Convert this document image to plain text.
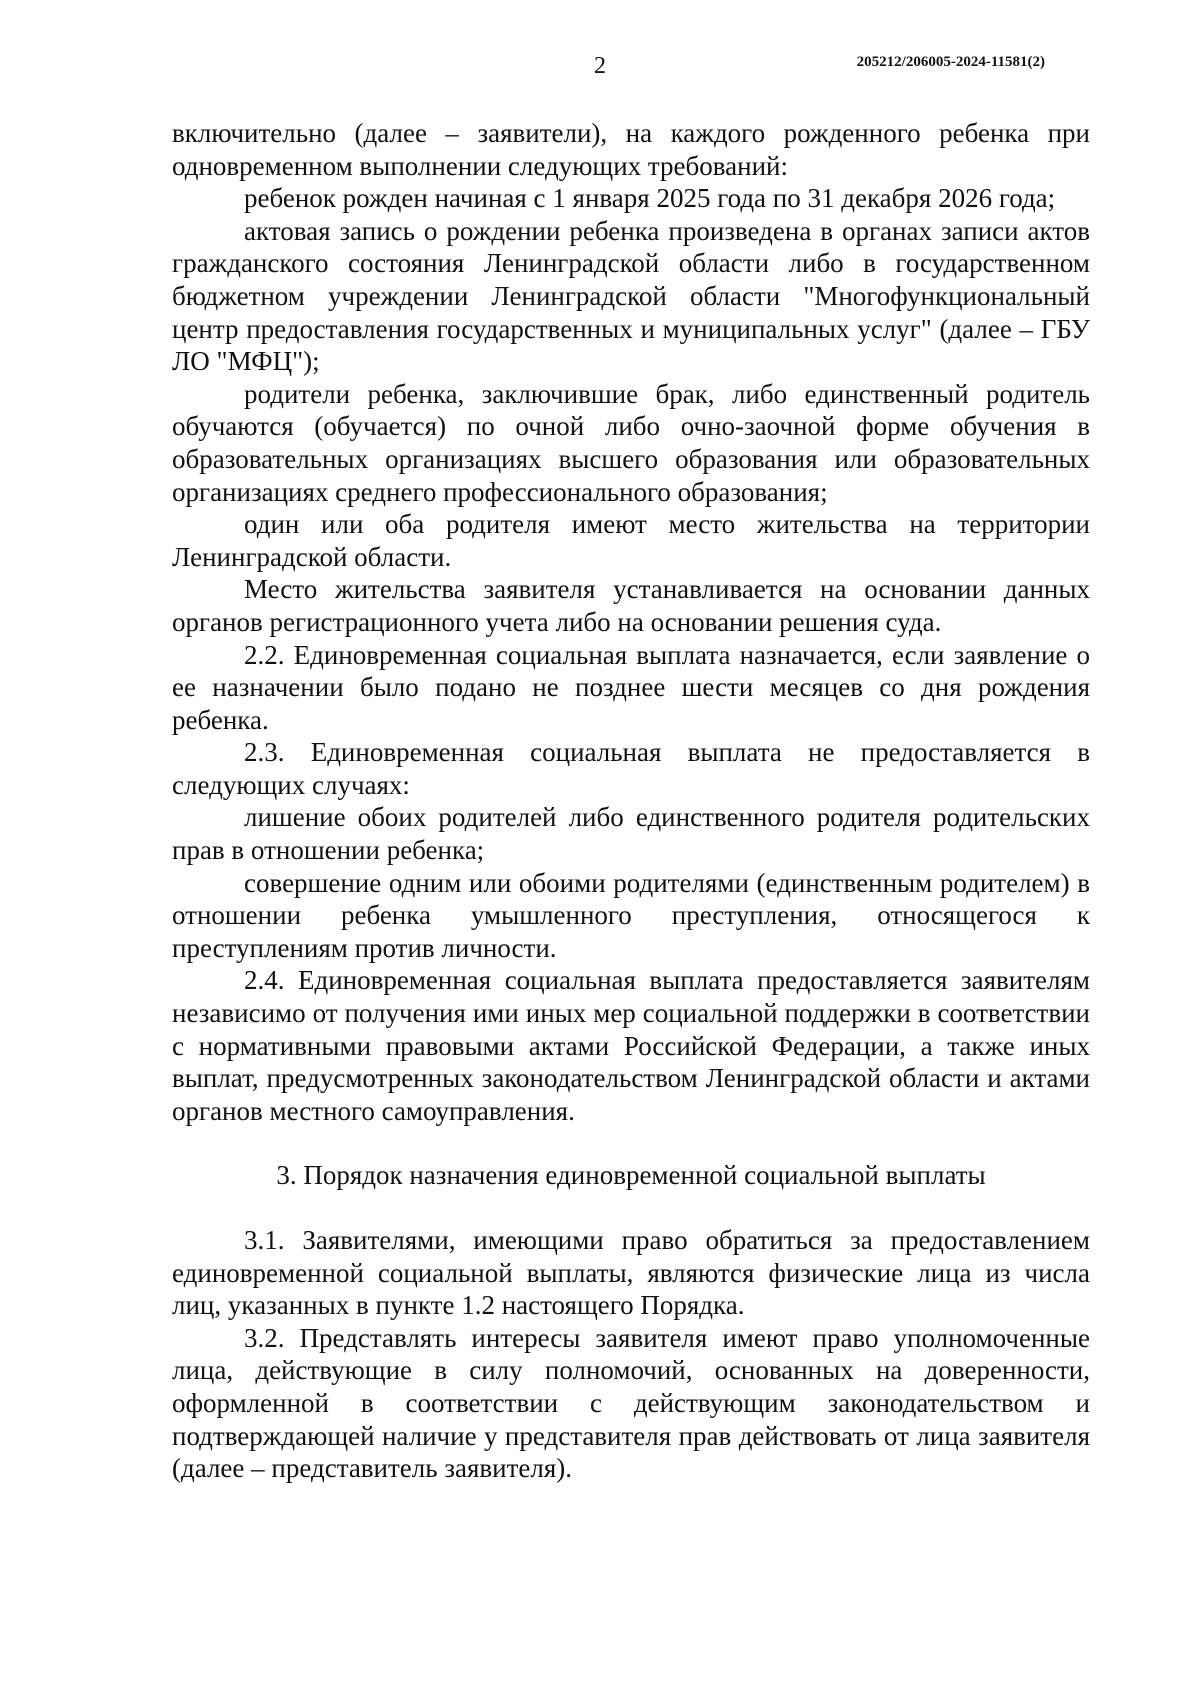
2	205212/206005-2024-11581(2)

включительно (далее – заявители), на каждого рожденного ребенка при одновременном выполнении следующих требований:

ребенок рожден начиная с 1 января 2025 года по 31 декабря 2026 года;

актовая запись о рождении ребенка произведена в органах записи актов гражданского состояния Ленинградской области либо в государственном бюджетном учреждении Ленинградской области "Многофункциональный центр предоставления государственных и муниципальных услуг" (далее – ГБУ ЛО "МФЦ");

родители ребенка, заключившие брак, либо единственный родитель обучаются (обучается) по очной либо очно-заочной форме обучения в образовательных организациях высшего образования или образовательных организациях среднего профессионального образования;

один или оба родителя имеют место жительства на территории Ленинградской области.

Место жительства заявителя устанавливается на основании данных органов регистрационного учета либо на основании решения суда.

2.2. Единовременная социальная выплата назначается, если заявление о ее назначении было подано не позднее шести месяцев со дня рождения ребенка.

2.3. Единовременная социальная выплата не предоставляется в следующих случаях:

лишение обоих родителей либо единственного родителя родительских прав в отношении ребенка;

совершение одним или обоими родителями (единственным родителем) в отношении ребенка умышленного преступления, относящегося к преступлениям против личности.

2.4. Единовременная социальная выплата предоставляется заявителям независимо от получения ими иных мер социальной поддержки в соответствии с нормативными правовыми актами Российской Федерации, а также иных выплат, предусмотренных законодательством Ленинградской области и актами органов местного самоуправления.

3. Порядок назначения единовременной социальной выплаты

3.1. Заявителями, имеющими право обратиться за предоставлением единовременной социальной выплаты, являются физические лица из числа лиц, указанных в пункте 1.2 настоящего Порядка.

3.2. Представлять интересы заявителя имеют право уполномоченные лица, действующие в силу полномочий, основанных на доверенности, оформленной в соответствии с действующим законодательством и подтверждающей наличие у представителя прав действовать от лица заявителя (далее – представитель заявителя).
